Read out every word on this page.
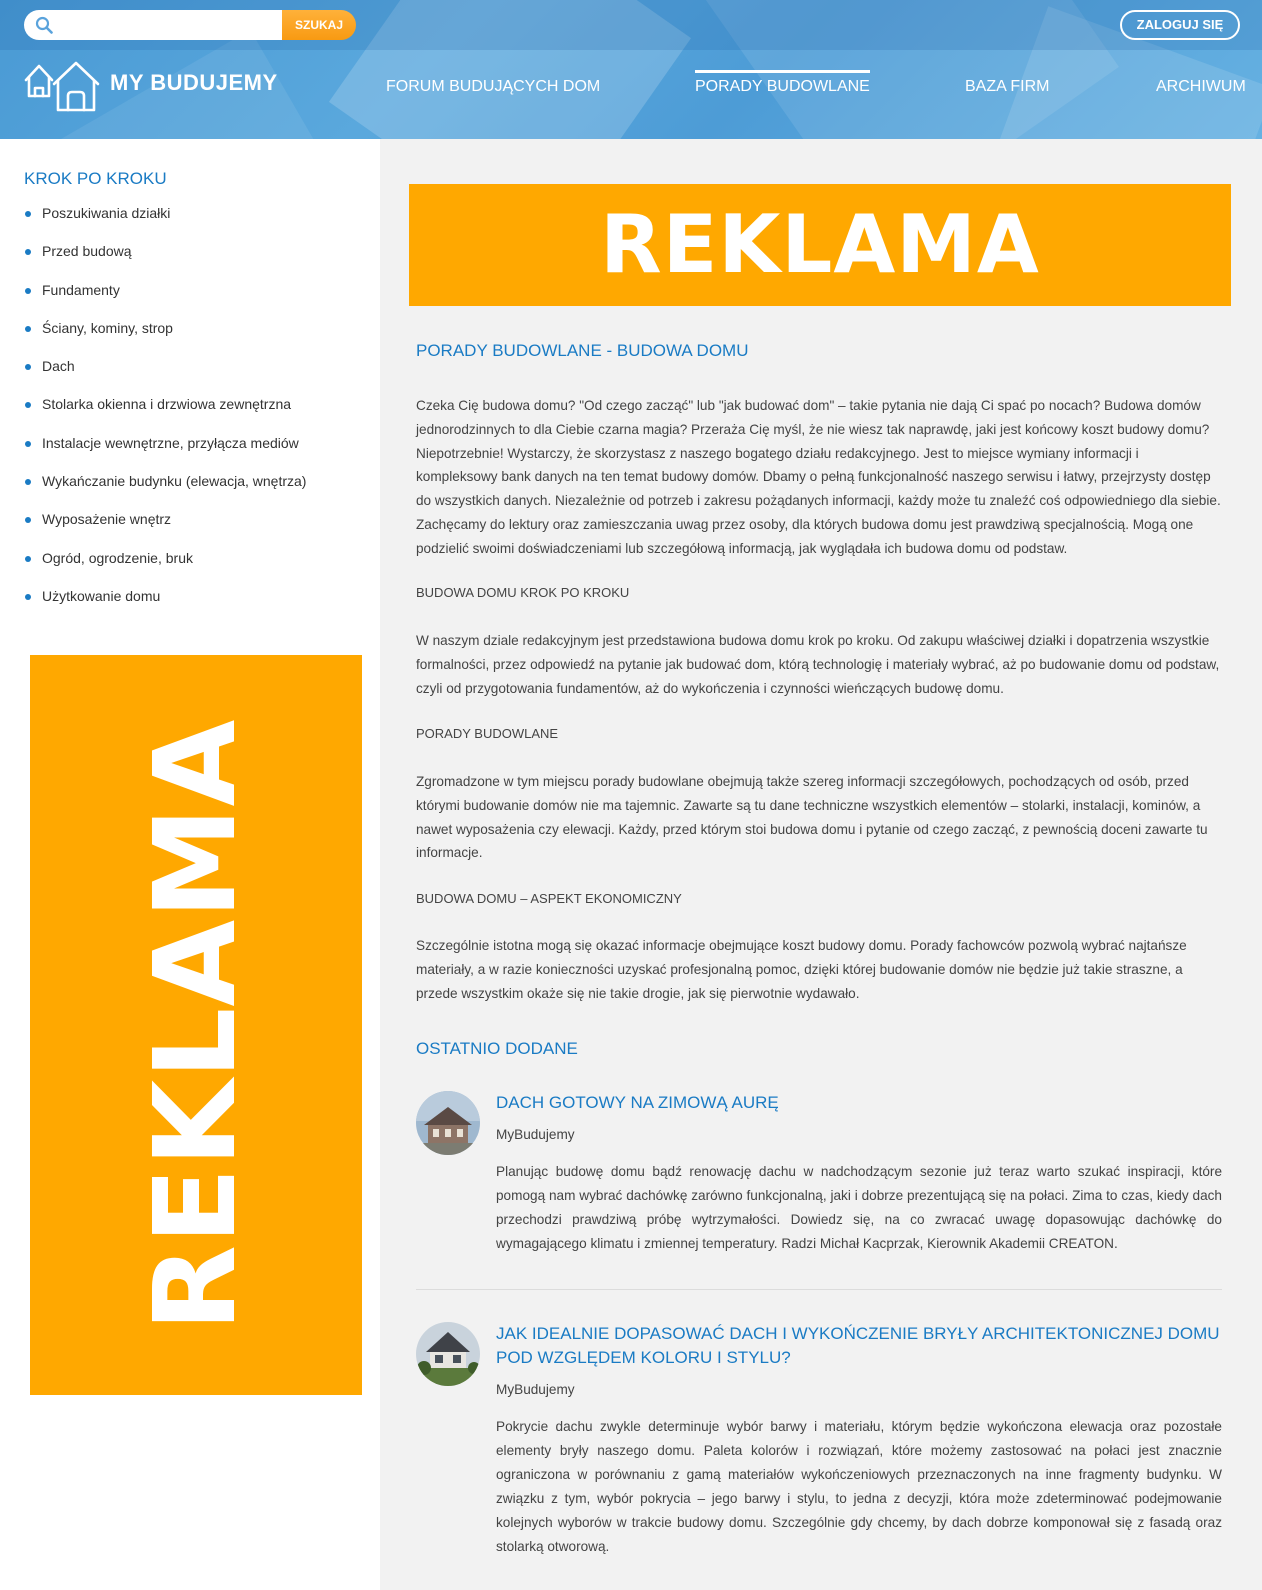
SZUKAJ	ZALOGUJ SIĘ
MY BUDUJEMY	FORUM BUDUJĄCYCH DOM	PORADY BUDOWLANE	BAZA FIRM	ARCHIWUM
KROK PO KROKU
Poszukiwania działki
Przed budową
Fundamenty
Ściany, kominy, strop
Dach
Stolarka okienna i drzwiowa zewnętrzna
Instalacje wewnętrzne, przyłącza mediów
Wykańczanie budynku (elewacja, wnętrza)
Wyposażenie wnętrz
Ogród, ogrodzenie, bruk
Użytkowanie domu
REKLAMA
REKLAMA
PORADY BUDOWLANE - BUDOWA DOMU

Czeka Cię budowa domu? "Od czego zacząć" lub "jak budować dom" – takie pytania nie dają Ci spać po nocach? Budowa domów jednorodzinnych to dla Ciebie czarna magia? Przeraża Cię myśl, że nie wiesz tak naprawdę, jaki jest końcowy koszt budowy domu? Niepotrzebnie! Wystarczy, że skorzystasz z naszego bogatego działu redakcyjnego. Jest to miejsce wymiany informacji i kompleksowy bank danych na ten temat budowy domów. Dbamy o pełną funkcjonalność naszego serwisu i łatwy, przejrzysty dostęp do wszystkich danych. Niezależnie od potrzeb i zakresu pożądanych informacji, każdy może tu znaleźć coś odpowiedniego dla siebie. Zachęcamy do lektury oraz zamieszczania uwag przez osoby, dla których budowa domu jest prawdziwą specjalnością. Mogą one podzielić swoimi doświadczeniami lub szczegółową informacją, jak wyglądała ich budowa domu od podstaw.

BUDOWA DOMU KROK PO KROKU

W naszym dziale redakcyjnym jest przedstawiona budowa domu krok po kroku. Od zakupu właściwej działki i dopatrzenia wszystkie formalności, przez odpowiedź na pytanie jak budować dom, którą technologię i materiały wybrać, aż po budowanie domu od podstaw, czyli od przygotowania fundamentów, aż do wykończenia i czynności wieńczących budowę domu.

PORADY BUDOWLANE

Zgromadzone w tym miejscu porady budowlane obejmują także szereg informacji szczegółowych, pochodzących od osób, przed którymi budowanie domów nie ma tajemnic. Zawarte są tu dane techniczne wszystkich elementów – stolarki, instalacji, kominów, a nawet wyposażenia czy elewacji. Każdy, przed którym stoi budowa domu i pytanie od czego zacząć, z pewnością doceni zawarte tu informacje.

BUDOWA DOMU – ASPEKT EKONOMICZNY

Szczególnie istotna mogą się okazać informacje obejmujące koszt budowy domu. Porady fachowców pozwolą wybrać najtańsze materiały, a w razie konieczności uzyskać profesjonalną pomoc, dzięki której budowanie domów nie będzie już takie straszne, a przede wszystkim okaże się nie takie drogie, jak się pierwotnie wydawało.

OSTATNIO DODANE
DACH GOTOWY NA ZIMOWĄ AURĘ
MyBudujemy

Planując budowę domu bądź renowację dachu w nadchodzącym sezonie już teraz warto szukać inspiracji, które pomogą nam wybrać dachówkę zarówno funkcjonalną, jaki i dobrze prezentującą się na połaci. Zima to czas, kiedy dach przechodzi prawdziwą próbę wytrzymałości. Dowiedz się, na co zwracać uwagę dopasowując dachówkę do wymagającego klimatu i zmiennej temperatury. Radzi Michał Kacprzak, Kierownik Akademii CREATON.

JAK IDEALNIE DOPASOWAĆ DACH I WYKOŃCZENIE BRYŁY ARCHITEKTONICZNEJ DOMU POD WZGLĘDEM KOLORU I STYLU?
MyBudujemy

Pokrycie dachu zwykle determinuje wybór barwy i materiału, którym będzie wykończona elewacja oraz pozostałe elementy bryły naszego domu. Paleta kolorów i rozwiązań, które możemy zastosować na połaci jest znacznie ograniczona w porównaniu z gamą materiałów wykończeniowych przeznaczonych na inne fragmenty budynku. W związku z tym, wybór pokrycia – jego barwy i stylu, to jedna z decyzji, która może zdeterminować podejmowanie kolejnych wyborów w trakcie budowy domu. Szczególnie gdy chcemy, by dach dobrze komponował się z fasadą oraz stolarką otworową.
